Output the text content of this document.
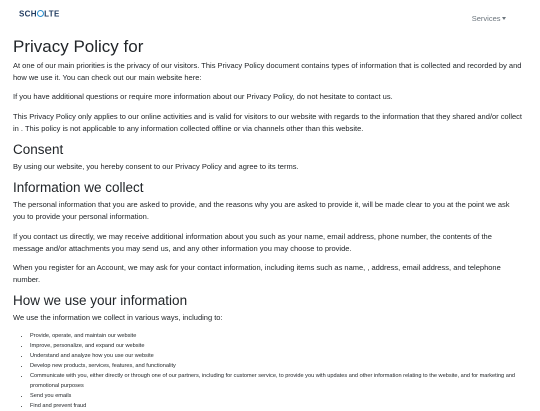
SCH LTE	Services
Privacy Policy for

At one of our main priorities is the privacy of our visitors. This Privacy Policy document contains types of information that is collected and recorded by and how we use it. You can check out our main website here:

If you have additional questions or require more information about our Privacy Policy, do not hesitate to contact us.

This Privacy Policy only applies to our online activities and is valid for visitors to our website with regards to the information that they shared and/or collect in . This policy is not applicable to any information collected offline or via channels other than this website.

Consent

By using our website, you hereby consent to our Privacy Policy and agree to its terms.

Information we collect

The personal information that you are asked to provide, and the reasons why you are asked to provide it, will be made clear to you at the point we ask you to provide your personal information.

If you contact us directly, we may receive additional information about you such as your name, email address, phone number, the contents of the message and/or attachments you may send us, and any other information you may choose to provide.

When you register for an Account, we may ask for your contact information, including items such as name, , address, email address, and telephone number.

How we use your information

We use the information we collect in various ways, including to:

• Provide, operate, and maintain our website
• Improve, personalize, and expand our website
• Understand and analyze how you use our website
• Develop new products, services, features, and functionality
• Communicate with you, either directly or through one of our partners, including for customer service, to provide you with updates and other information relating to the website, and for marketing and promotional purposes
• Send you emails
• Find and prevent fraud
